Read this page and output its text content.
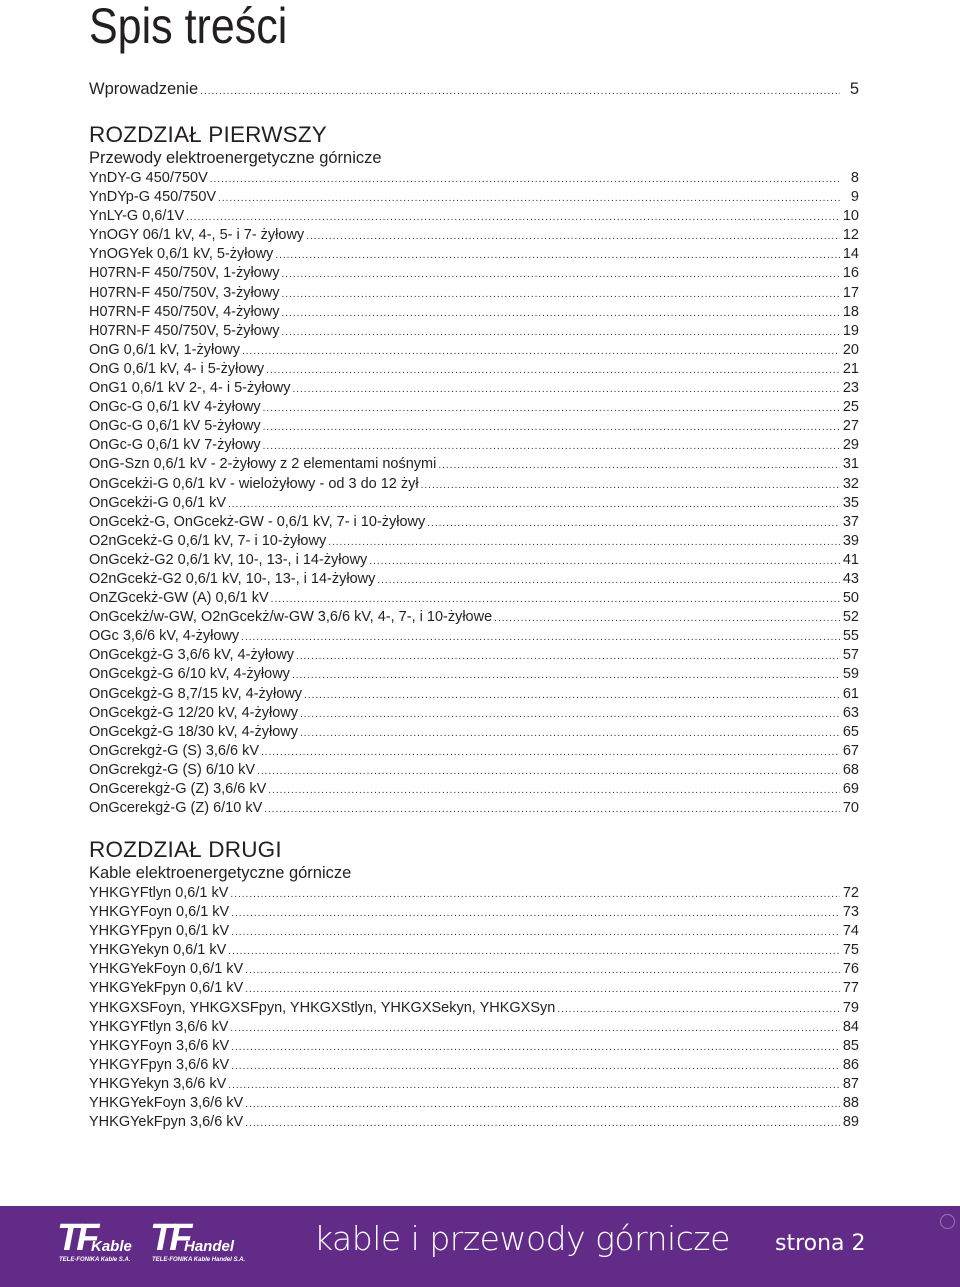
Spis treści
Wprowadzenie .....	5
ROZDZIAŁ PIERWSZY
Przewody elektroenergetyczne górnicze
YnDY-G 450/750V .....	8
YnDYp-G 450/750V .....	9
YnLY-G 0,6/1V .....	10
YnOGY 06/1 kV, 4-, 5- i 7- żyłowy .....	12
YnOGYek 0,6/1 kV, 5-żyłowy .....	14
H07RN-F 450/750V, 1-żyłowy .....	16
H07RN-F 450/750V, 3-żyłowy .....	17
H07RN-F 450/750V, 4-żyłowy .....	18
H07RN-F 450/750V, 5-żyłowy .....	19
OnG 0,6/1 kV, 1-żyłowy .....	20
OnG 0,6/1 kV, 4- i 5-żyłowy .....	21
OnG1 0,6/1 kV 2-, 4- i 5-żyłowy .....	23
OnGc-G 0,6/1 kV 4-żyłowy .....	25
OnGc-G 0,6/1 kV 5-żyłowy .....	27
OnGc-G 0,6/1 kV 7-żyłowy .....	29
OnG-Szn 0,6/1 kV - 2-żyłowy z 2 elementami nośnymi .....	31
OnGcekżi-G 0,6/1 kV - wielożyłowy - od 3 do 12 żył .....	32
OnGcekżi-G 0,6/1 kV .....	35
OnGcekż-G, OnGcekż-GW - 0,6/1 kV, 7- i 10-żyłowy .....	37
O2nGcekż-G 0,6/1 kV, 7- i 10-żyłowy .....	39
OnGcekż-G2 0,6/1 kV, 10-, 13-, i 14-żyłowy .....	41
O2nGcekż-G2 0,6/1 kV, 10-, 13-, i 14-żyłowy .....	43
OnZGcekż-GW (A) 0,6/1 kV .....	50
OnGcekż/w-GW, O2nGcekż/w-GW 3,6/6 kV, 4-, 7-, i 10-żyłowe .....	52
OGc 3,6/6 kV, 4-żyłowy .....	55
OnGcekgż-G 3,6/6 kV, 4-żyłowy .....	57
OnGcekgż-G 6/10 kV, 4-żyłowy .....	59
OnGcekgż-G 8,7/15 kV, 4-żyłowy .....	61
OnGcekgż-G 12/20 kV, 4-żyłowy .....	63
OnGcekgż-G 18/30 kV, 4-żyłowy .....	65
OnGcrekgż-G (S) 3,6/6 kV .....	67
OnGcrekgż-G (S) 6/10 kV .....	68
OnGcerekgż-G (Z) 3,6/6 kV .....	69
OnGcerekgż-G (Z) 6/10 kV .....	70
ROZDZIAŁ DRUGI
Kable elektroenergetyczne górnicze
YHKGYFtlyn 0,6/1 kV .....	72
YHKGYFoyn 0,6/1 kV .....	73
YHKGYFpyn 0,6/1 kV .....	74
YHKGYekyn 0,6/1 kV .....	75
YHKGYekFoyn 0,6/1 kV .....	76
YHKGYekFpyn 0,6/1 kV .....	77
YHKGXSFoyn, YHKGXSFpyn, YHKGXStlyn, YHKGXSekyn, YHKGXSyn .....	79
YHKGYFtlyn 3,6/6 kV .....	84
YHKGYFoyn 3,6/6 kV .....	85
YHKGYFpyn 3,6/6 kV .....	86
YHKGYekyn 3,6/6 kV .....	87
YHKGYekFoyn 3,6/6 kV .....	88
YHKGYekFpyn 3,6/6 kV .....	89
TF
Kable
TELE-FONIKA Kable S.A.
TF
Handel
TELE-FONIKA Kable Handel S.A.
kable i przewody górnicze strona 2
